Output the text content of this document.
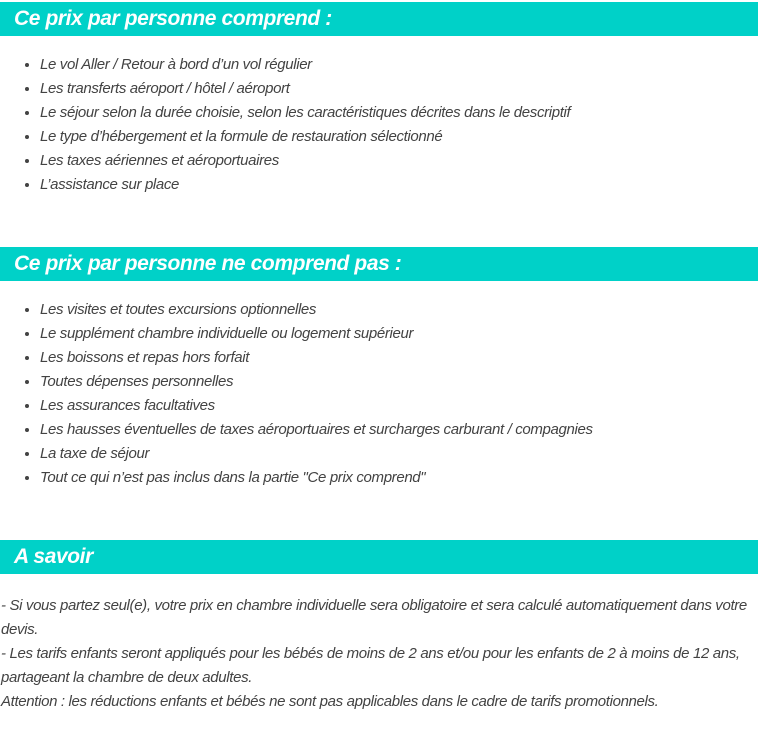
Ce prix par personne comprend :
• Le vol Aller / Retour à bord d’un vol régulier
• Les transferts aéroport / hôtel / aéroport
• Le séjour selon la durée choisie, selon les caractéristiques décrites dans le descriptif
• Le type d’hébergement et la formule de restauration sélectionné
• Les taxes aériennes et aéroportuaires
• L’assistance sur place
Ce prix par personne ne comprend pas :
• Les visites et toutes excursions optionnelles
• Le supplément chambre individuelle ou logement supérieur
• Les boissons et repas hors forfait
• Toutes dépenses personnelles
• Les assurances facultatives
• Les hausses éventuelles de taxes aéroportuaires et surcharges carburant / compagnies
• La taxe de séjour
• Tout ce qui n’est pas inclus dans la partie "Ce prix comprend"
A savoir

- Si vous partez seul(e), votre prix en chambre individuelle sera obligatoire et sera calculé automatiquement dans votre devis.

- Les tarifs enfants seront appliqués pour les bébés de moins de 2 ans et/ou pour les enfants de 2 à moins de 12 ans, partageant la chambre de deux adultes.

Attention : les réductions enfants et bébés ne sont pas applicables dans le cadre de tarifs promotionnels.
